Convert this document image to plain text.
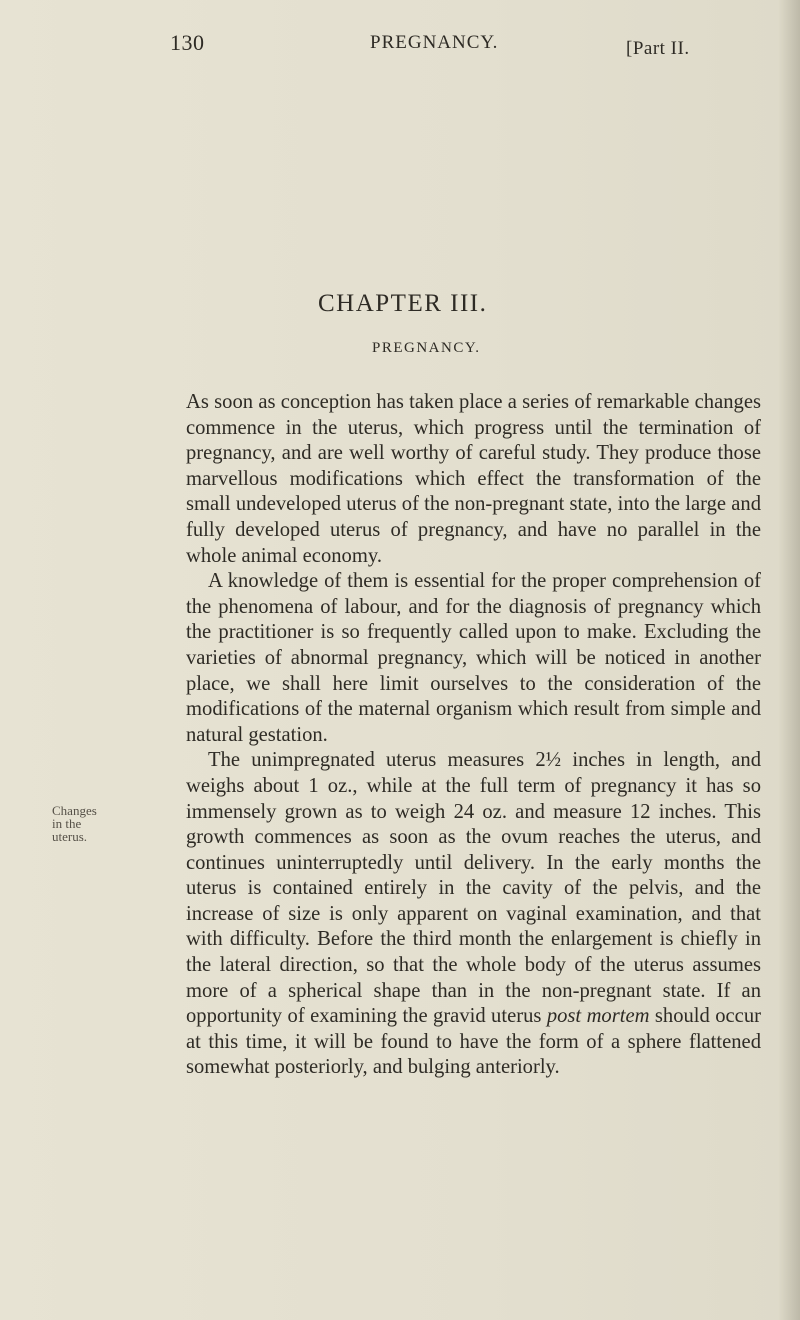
130	PREGNANCY.	[Part II.
CHAPTER III.
PREGNANCY.
Changes
in the
uterus.

As soon as conception has taken place a series of remarkable changes commence in the uterus, which progress until the termination of pregnancy, and are well worthy of careful study. They produce those marvellous modifications which effect the transformation of the small undeveloped uterus of the non-pregnant state, into the large and fully developed uterus of pregnancy, and have no parallel in the whole animal economy.

A knowledge of them is essential for the proper comprehension of the phenomena of labour, and for the diagnosis of pregnancy which the practitioner is so frequently called upon to make. Excluding the varieties of abnormal pregnancy, which will be noticed in another place, we shall here limit ourselves to the consideration of the modifications of the maternal organism which result from simple and natural gestation.

The unimpregnated uterus measures 2½ inches in length, and weighs about 1 oz., while at the full term of pregnancy it has so immensely grown as to weigh 24 oz. and measure 12 inches. This growth commences as soon as the ovum reaches the uterus, and continues uninterruptedly until delivery. In the early months the uterus is contained entirely in the cavity of the pelvis, and the increase of size is only apparent on vaginal examination, and that with difficulty. Before the third month the enlargement is chiefly in the lateral direction, so that the whole body of the uterus assumes more of a spherical shape than in the non-pregnant state. If an opportunity of examining the gravid uterus post mortem should occur at this time, it will be found to have the form of a sphere flattened somewhat posteriorly, and bulging anteriorly.
